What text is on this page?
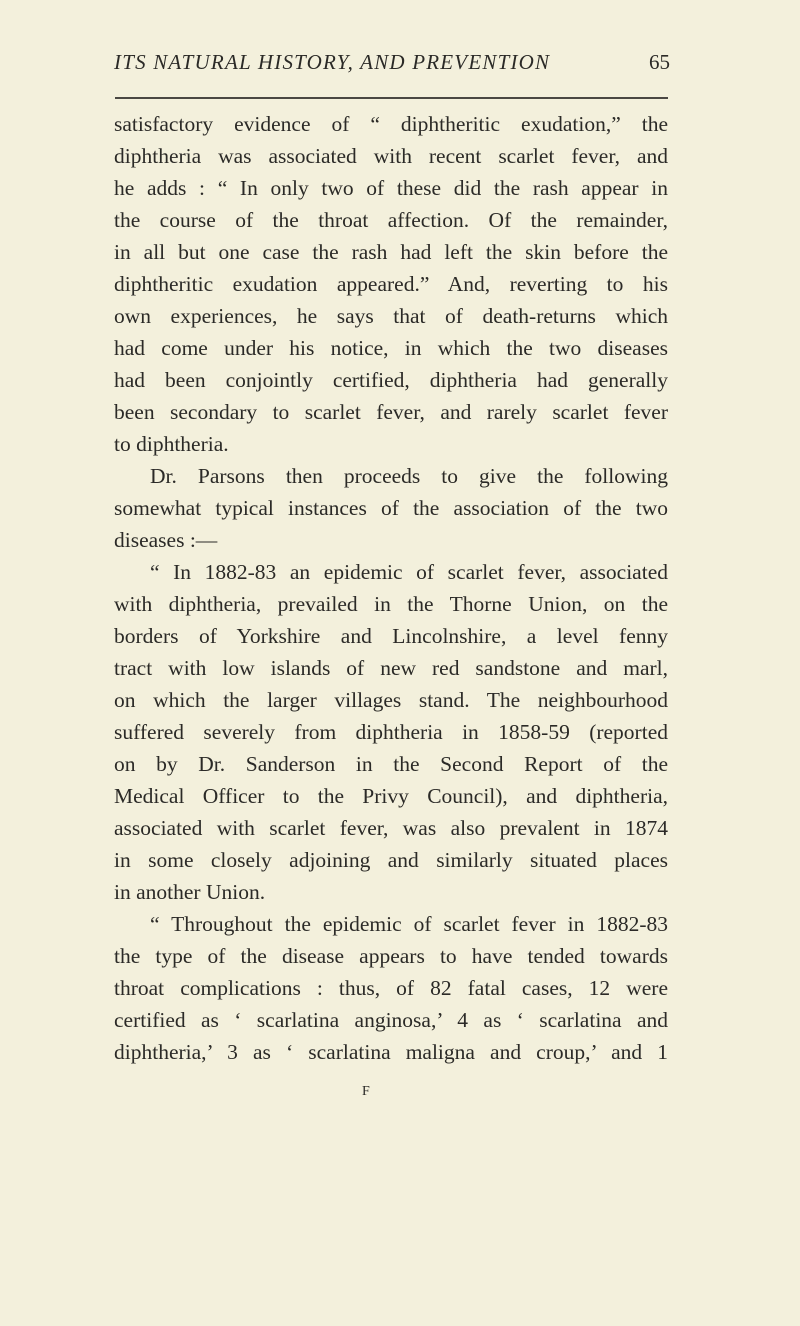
ITS NATURAL HISTORY, AND PREVENTION	65
satisfactory evidence of “ diphtheritic exudation,” the
diphtheria was associated with recent scarlet fever, and
he adds : “ In only two of these did the rash appear in
the course of the throat affection. Of the remainder,
in all but one case the rash had left the skin before the
diphtheritic exudation appeared.” And, reverting to his
own experiences, he says that of death-returns which
had come under his notice, in which the two diseases
had been conjointly certified, diphtheria had generally
been secondary to scarlet fever, and rarely scarlet fever
to diphtheria.
Dr. Parsons then proceeds to give the following
somewhat typical instances of the association of the two
diseases :—
“ In 1882-83 an epidemic of scarlet fever, associated
with diphtheria, prevailed in the Thorne Union, on the
borders of Yorkshire and Lincolnshire, a level fenny
tract with low islands of new red sandstone and marl,
on which the larger villages stand. The neighbourhood
suffered severely from diphtheria in 1858-59 (reported
on by Dr. Sanderson in the Second Report of the
Medical Officer to the Privy Council), and diphtheria,
associated with scarlet fever, was also prevalent in 1874
in some closely adjoining and similarly situated places
in another Union.
“ Throughout the epidemic of scarlet fever in 1882-83
the type of the disease appears to have tended towards
throat complications : thus, of 82 fatal cases, 12 were
certified as ‘ scarlatina anginosa,’ 4 as ‘ scarlatina and
diphtheria,’ 3 as ‘ scarlatina maligna and croup,’ and 1
F
